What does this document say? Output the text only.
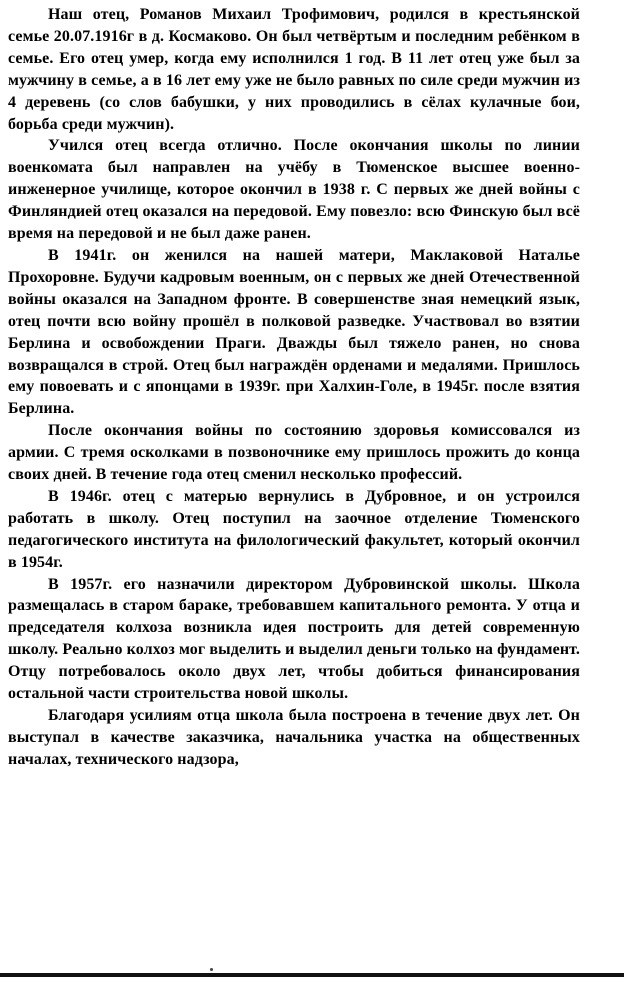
Наш отец, Романов Михаил Трофимович, родился в крестьянской семье 20.07.1916г в д. Космаково. Он был четвёртым и последним ребёнком в семье. Его отец умер, когда ему исполнился 1 год. В 11 лет отец уже был за мужчину в семье, а в 16 лет ему уже не было равных по силе среди мужчин из 4 деревень (со слов бабушки, у них проводились в сёлах кулачные бои, борьба среди мужчин).

Учился отец всегда отлично. После окончания школы по линии военкомата был направлен на учёбу в Тюменское высшее военно-инженерное училище, которое окончил в 1938 г. С первых же дней войны с Финляндией отец оказался на передовой. Ему повезло: всю Финскую был всё время на передовой и не был даже ранен.

В 1941г. он женился на нашей матери, Маклаковой Наталье Прохоровне. Будучи кадровым военным, он с первых же дней Отечественной войны оказался на Западном фронте. В совершенстве зная немецкий язык, отец почти всю войну прошёл в полковой разведке. Участвовал во взятии Берлина и освобождении Праги. Дважды был тяжело ранен, но снова возвращался в строй. Отец был награждён орденами и медалями. Пришлось ему повоевать и с японцами в 1939г. при Халхин-Голе, в 1945г. после взятия Берлина.

После окончания войны по состоянию здоровья комиссовался из армии. С тремя осколками в позвоночнике ему пришлось прожить до конца своих дней. В течение года отец сменил несколько профессий.

В 1946г. отец с матерью вернулись в Дубровное, и он устроился работать в школу. Отец поступил на заочное отделение Тюменского педагогического института на филологический факультет, который окончил в 1954г.

В 1957г. его назначили директором Дубровинской школы. Школа размещалась в старом бараке, требовавшем капитального ремонта. У отца и председателя колхоза возникла идея построить для детей современную школу. Реально колхоз мог выделить и выделил деньги только на фундамент. Отцу потребовалось около двух лет, чтобы добиться финансирования остальной части строительства новой школы.

Благодаря усилиям отца школа была построена в течение двух лет. Он выступал в качестве заказчика, начальника участка на общественных началах, технического надзора,
